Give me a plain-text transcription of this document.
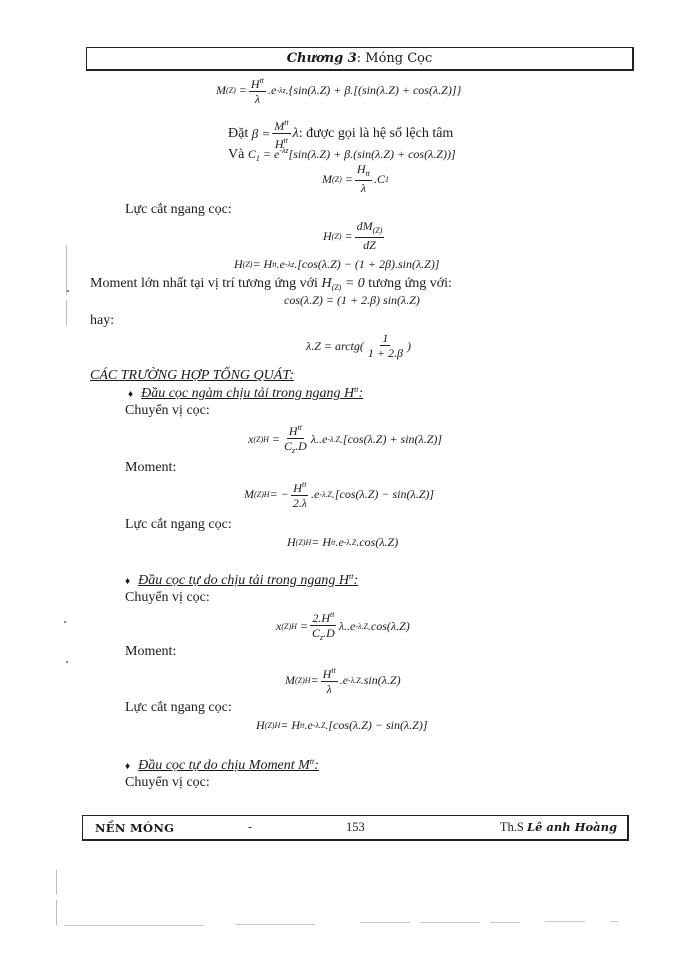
Chương 3: Móng Cọc
M $(Z) = \frac{H^{tt}}{\lambda} .e$ -λz .{sin(λ.Z) + β.[(sin(λ.Z) + cos(λ.Z)]}
Đặt
$\beta = \frac{M^{tt}}{H^{tt}}$ λ : được gọi là hệ số lệch tâm
Và
$C_1 = e^{-\lambda z}[\sin(\lambda.Z) + \beta.(\sin(\lambda.Z) + \cos(\lambda.Z))]$
M $(Z) = \frac{H_{tt}}{\lambda} .C$ 1
Lực cắt ngang cọc:
H $(Z) = \frac{dM_{(Z)}}{dZ}$
H (Z) = H tt .e -λz .[cos(λ.Z) − (1 + 2β).sin(λ.Z)]
Moment lớn nhất tại vị trí tương ứng với $H_{(Z)} = 0$ tương ứng với:
cos(λ.Z) = (1 + 2.β) sin(λ.Z)
hay:
λ.Z = arctg( $\frac{1}{1 + 2.\beta}$ )
CÁC TRƯỜNG HỢP TỔNG QUÁT:
♦ Đầu cọc ngàm chịu tải trong ngang $H^{tt}$:
Chuyển vị cọc:
x $(Z)H = \frac{H^{tt}}{C_z.D} \lambda..e$ -λ.Z .[cos(λ.Z) + sin(λ.Z)]
Moment:
M (Z)H = − $\frac{H^{tt}}{2.\lambda} .e$ -λ.Z .[cos(λ.Z) − sin(λ.Z)]
Lực cắt ngang cọc:
H (Z)H = H tt .e -λ.Z .cos(λ.Z)
♦ Đầu cọc tự do chịu tải trong ngang $H^{tt}$:
Chuyển vị cọc:
x $(Z)H = \frac{2.H^{tt}}{C_z.D} \lambda..e$ -λ.Z .cos(λ.Z)
Moment:
M $(Z)H = \frac{H^{tt}}{\lambda} .e$ -λ.Z .sin(λ.Z)
Lực cắt ngang cọc:
H (Z)H = H tt .e -λ.Z .[cos(λ.Z) − sin(λ.Z)]
♦ Đầu cọc tự do chịu Moment $M^{tt}$:
Chuyển vị cọc:
NỀN MÓNG	-	153	Th.S Lê anh Hoàng
